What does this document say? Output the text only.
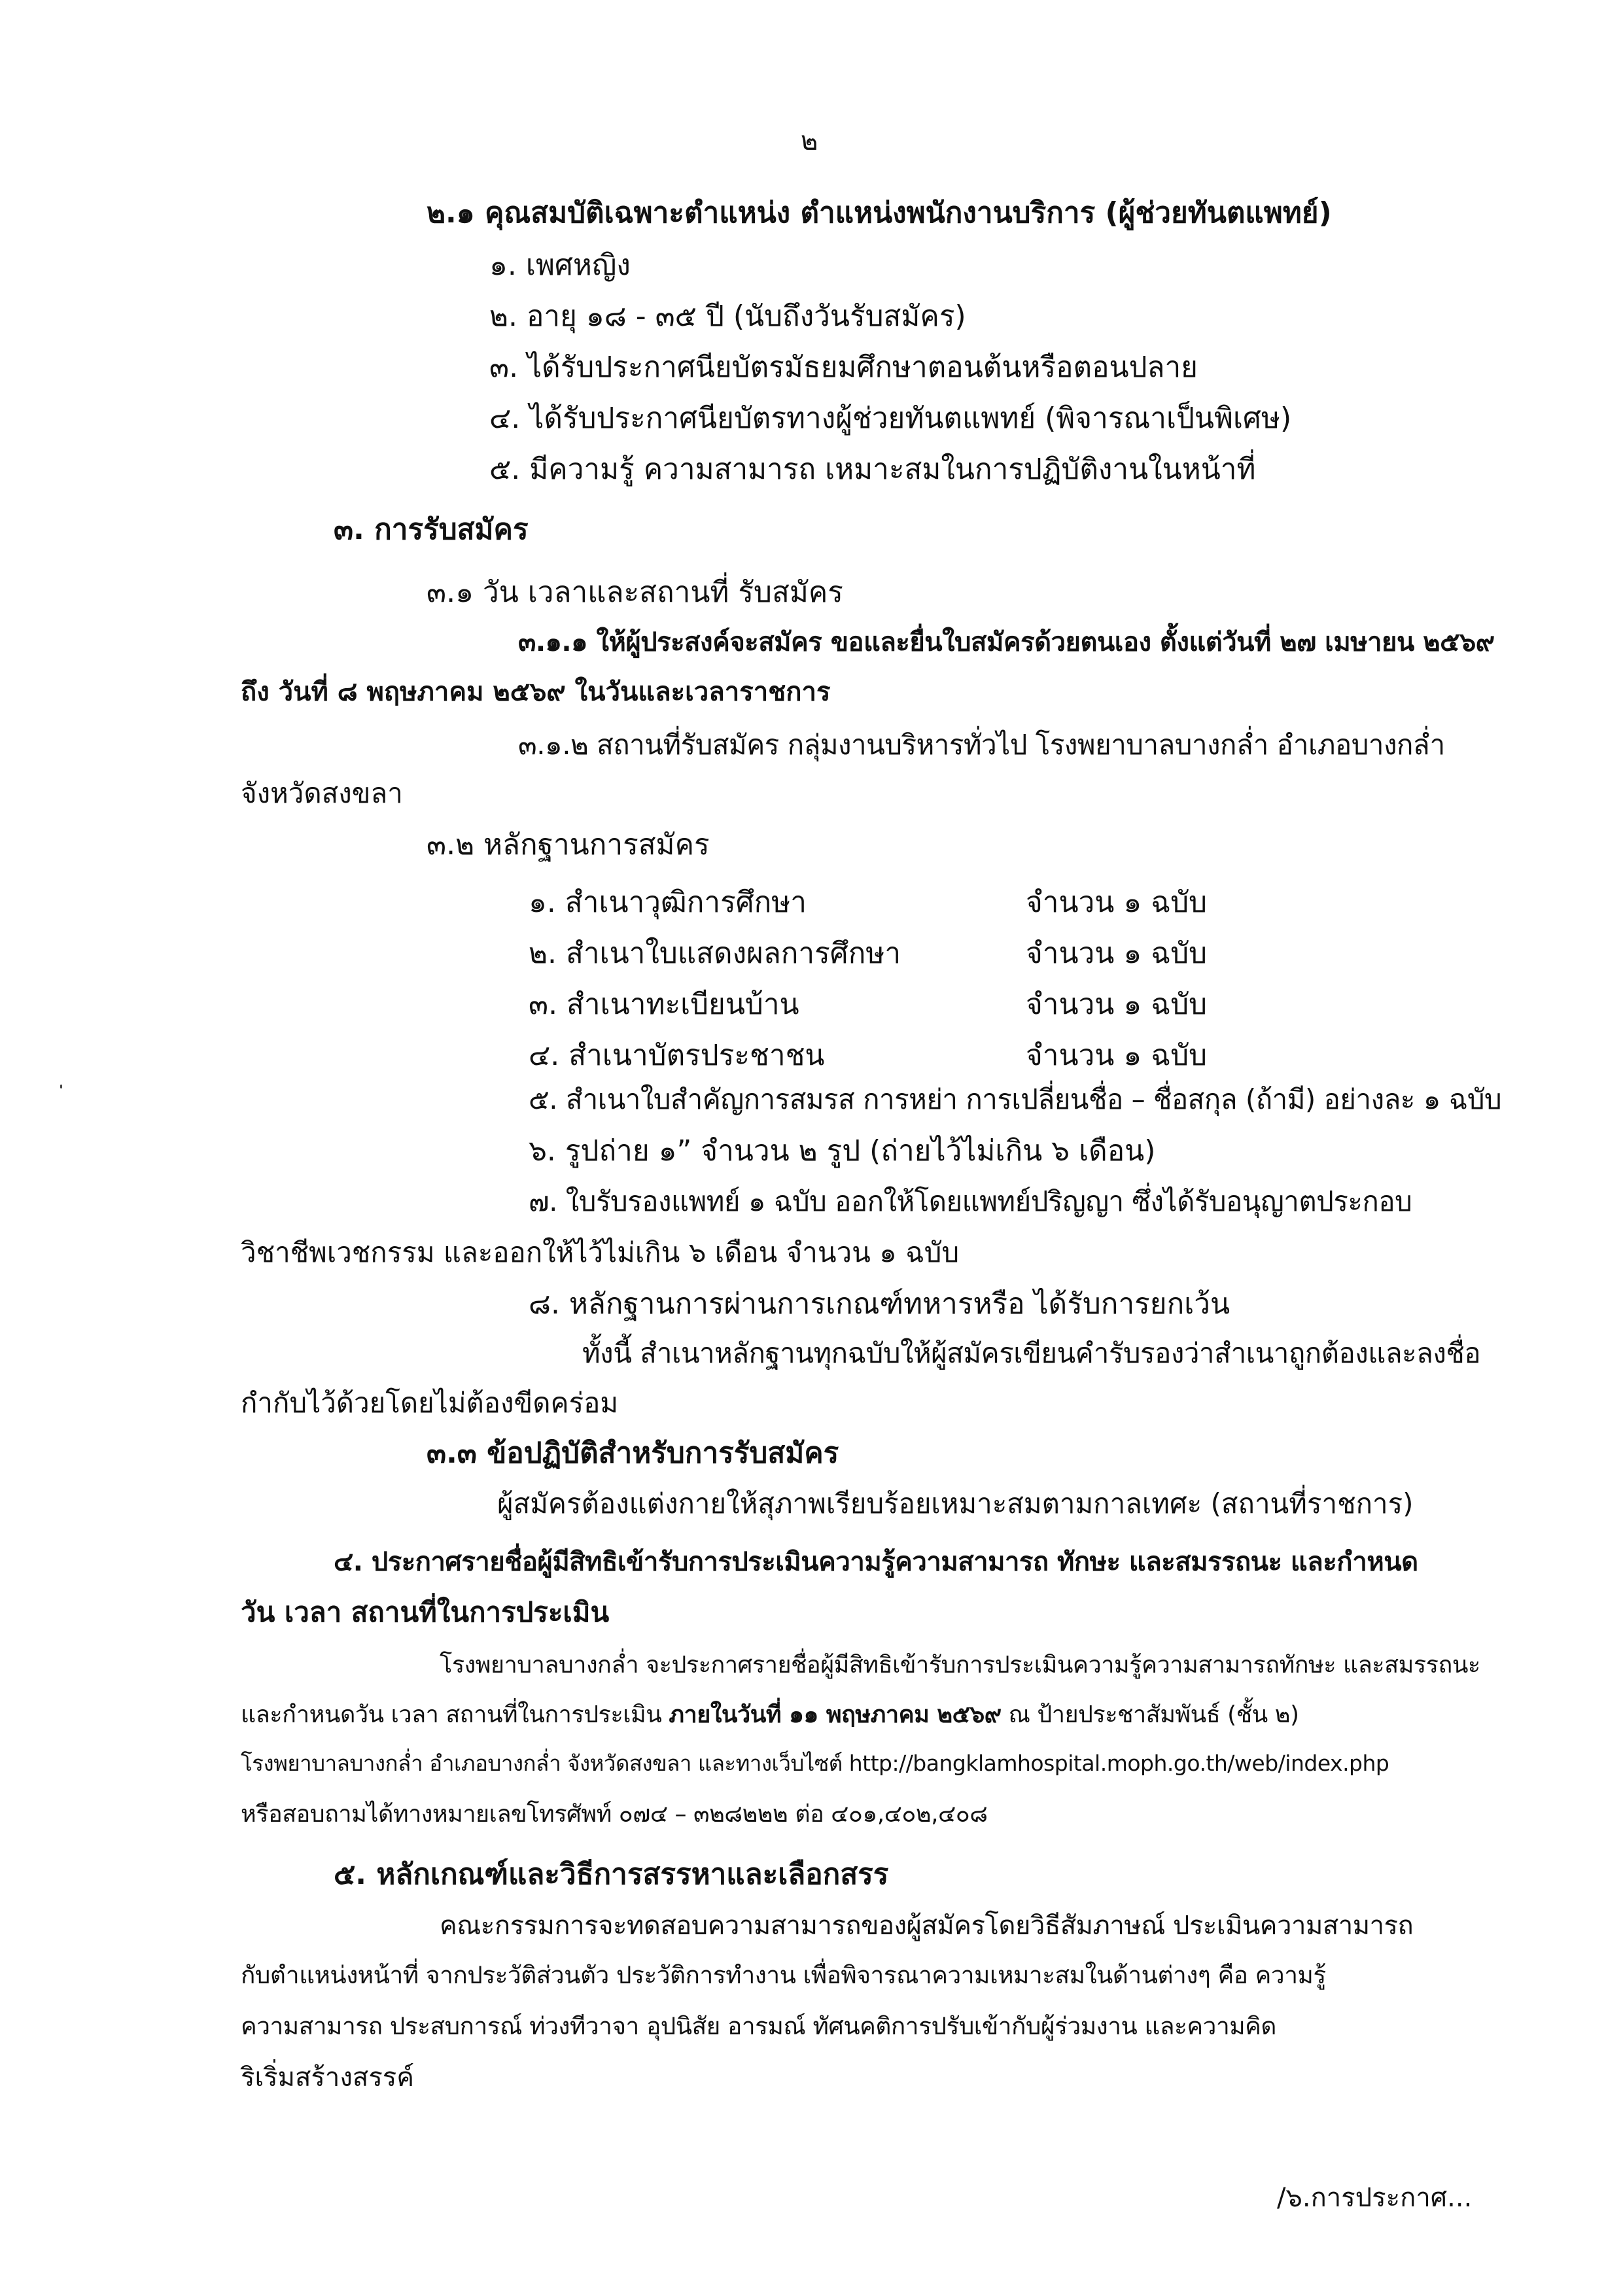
๒
๒.๑ คุณสมบัติเฉพาะตำแหน่ง ตำแหน่งพนักงานบริการ (ผู้ช่วยทันตแพทย์)
๑. เพศหญิง
๒. อายุ ๑๘ - ๓๕ ปี (นับถึงวันรับสมัคร)
๓. ได้รับประกาศนียบัตรมัธยมศึกษาตอนต้นหรือตอนปลาย
๔. ได้รับประกาศนียบัตรทางผู้ช่วยทันตแพทย์ (พิจารณาเป็นพิเศษ)
๕. มีความรู้ ความสามารถ เหมาะสมในการปฏิบัติงานในหน้าที่
๓. การรับสมัคร
๓.๑ วัน เวลาและสถานที่ รับสมัคร
๓.๑.๑ ให้ผู้ประสงค์จะสมัคร ขอและยื่นใบสมัครด้วยตนเอง ตั้งแต่วันที่ ๒๗ เมษายน ๒๕๖๙
ถึง วันที่ ๘ พฤษภาคม ๒๕๖๙ ในวันและเวลาราชการ
๓.๑.๒ สถานที่รับสมัคร กลุ่มงานบริหารทั่วไป โรงพยาบาลบางกล่ำ อำเภอบางกล่ำ
จังหวัดสงขลา
๓.๒ หลักฐานการสมัคร
๑. สำเนาวุฒิการศึกษา	จำนวน ๑ ฉบับ
๒. สำเนาใบแสดงผลการศึกษา	จำนวน ๑ ฉบับ
๓. สำเนาทะเบียนบ้าน	จำนวน ๑ ฉบับ
๔. สำเนาบัตรประชาชน	จำนวน ๑ ฉบับ
๕. สำเนาใบสำคัญการสมรส การหย่า การเปลี่ยนชื่อ – ชื่อสกุล (ถ้ามี) อย่างละ ๑ ฉบับ
๖. รูปถ่าย ๑” จำนวน ๒ รูป (ถ่ายไว้ไม่เกิน ๖ เดือน)
๗. ใบรับรองแพทย์ ๑ ฉบับ ออกให้โดยแพทย์ปริญญา ซึ่งได้รับอนุญาตประกอบ
วิชาชีพเวชกรรม และออกให้ไว้ไม่เกิน ๖ เดือน จำนวน ๑ ฉบับ
๘. หลักฐานการผ่านการเกณฑ์ทหารหรือ ได้รับการยกเว้น
ทั้งนี้ สำเนาหลักฐานทุกฉบับให้ผู้สมัครเขียนคำรับรองว่าสำเนาถูกต้องและลงชื่อ
กำกับไว้ด้วยโดยไม่ต้องขีดคร่อม
๓.๓ ข้อปฏิบัติสำหรับการรับสมัคร
ผู้สมัครต้องแต่งกายให้สุภาพเรียบร้อยเหมาะสมตามกาลเทศะ (สถานที่ราชการ)
๔. ประกาศรายชื่อผู้มีสิทธิเข้ารับการประเมินความรู้ความสามารถ ทักษะ และสมรรถนะ และกำหนด
วัน เวลา สถานที่ในการประเมิน
โรงพยาบาลบางกล่ำ จะประกาศรายชื่อผู้มีสิทธิเข้ารับการประเมินความรู้ความสามารถทักษะ และสมรรถนะ
และกำหนดวัน เวลา สถานที่ในการประเมิน ภายในวันที่ ๑๑ พฤษภาคม ๒๕๖๙ ณ ป้ายประชาสัมพันธ์ (ชั้น ๒)
โรงพยาบาลบางกล่ำ อำเภอบางกล่ำ จังหวัดสงขลา และทางเว็บไซต์ http://bangklamhospital.moph.go.th/web/index.php
หรือสอบถามได้ทางหมายเลขโทรศัพท์ ๐๗๔ – ๓๒๘๒๒๒ ต่อ ๔๐๑,๔๐๒,๔๐๘
๕. หลักเกณฑ์และวิธีการสรรหาและเลือกสรร
คณะกรรมการจะทดสอบความสามารถของผู้สมัครโดยวิธีสัมภาษณ์ ประเมินความสามารถ
กับตำแหน่งหน้าที่ จากประวัติส่วนตัว ประวัติการทำงาน เพื่อพิจารณาความเหมาะสมในด้านต่างๆ คือ ความรู้
ความสามารถ ประสบการณ์ ท่วงทีวาจา อุปนิสัย อารมณ์ ทัศนคติการปรับเข้ากับผู้ร่วมงาน และความคิด
ริเริ่มสร้างสรรค์
/๖.การประกาศ...
